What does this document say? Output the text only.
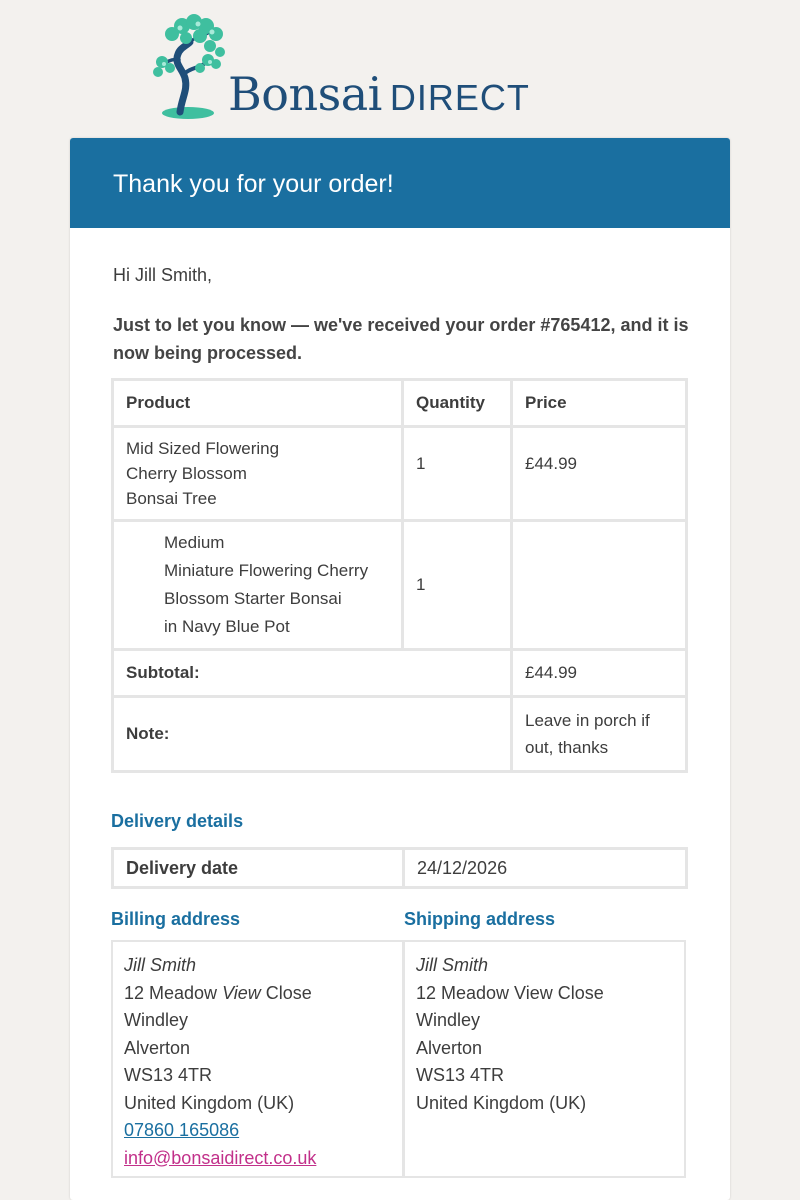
Bonsai DIRECT
Thank you for your order!
Hi Jill Smith,
Just to let you know — we've received your order #765412, and it is now being processed.
Product	Quantity	Price

Mid Sized Flowering
Cherry Blossom
Bonsai Tree	1	£44.99

Medium
Miniature Flowering Cherry
Blossom Starter Bonsai
in Navy Blue Pot	1	
Subtotal:		£44.99
Note:		Leave in porch if out, thanks
Delivery details
Delivery date	24/12/2026
Billing address	Shipping address
Jill Smith
12 Meadow View Close
Windley
Alverton
WS13 4TR
United Kingdom (UK)
07860 165086
info@bonsaidirect.co.uk
Jill Smith
12 Meadow View Close
Windley
Alverton
WS13 4TR
United Kingdom (UK)
